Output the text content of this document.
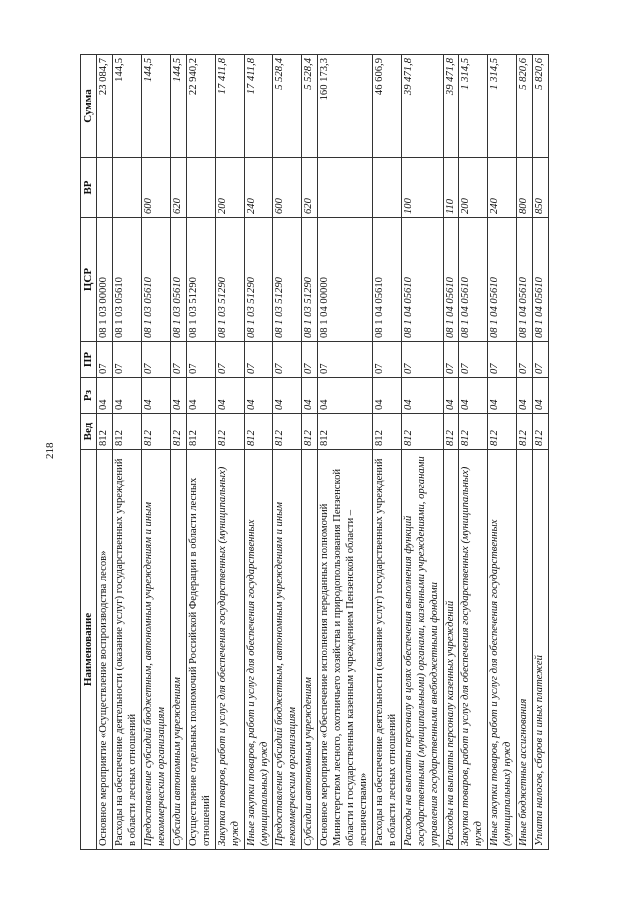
218
Наименование	Вед	Рз	ПР	ЦСР	ВР	Сумма
Основное мероприятие «Осуществление воспроизводства лесов»	812	04	07	08 1 03 00000		23 084,7
Расходы на обеспечение деятельности (оказание услуг) государственных учреждений в области лесных отношений	812	04	07	08 1 03 05610		144,5
Предоставление субсидий бюджетным, автономным учреждениям и иным некоммерческим организациям	812	04	07	08 1 03 05610	600	144,5
Субсидии автономным учреждениям	812	04	07	08 1 03 05610	620	144,5
Осуществление отдельных полномочий Российской Федерации в области лесных отношений	812	04	07	08 1 03 51290		22 940,2
Закупка товаров, работ и услуг для обеспечения государственных (муниципальных) нужд	812	04	07	08 1 03 51290	200	17 411,8
Иные закупки товаров, работ и услуг для обеспечения государственных (муниципальных) нужд	812	04	07	08 1 03 51290	240	17 411,8
Предоставление субсидий бюджетным, автономным учреждениям и иным некоммерческим организациям	812	04	07	08 1 03 51290	600	5 528,4
Субсидии автономным учреждениям	812	04	07	08 1 03 51290	620	5 528,4
Основное мероприятие «Обеспечение исполнения переданных полномочий Министерством лесного, охотничьего хозяйства и природопользования Пензенской области и государственным казенным учреждением Пензенской области – лесничествами»	812	04	07	08 1 04 00000		160 173,3
Расходы на обеспечение деятельности (оказание услуг) государственных учреждений в области лесных отношений	812	04	07	08 1 04 05610		46 606,9
Расходы на выплаты персоналу в целях обеспечения выполнения функций государственными (муниципальными) органами, казенными учреждениями, органами управления государственными внебюджетными фондами	812	04	07	08 1 04 05610	100	39 471,8
Расходы на выплаты персоналу казенных учреждений	812	04	07	08 1 04 05610	110	39 471,8
Закупка товаров, работ и услуг для обеспечения государственных (муниципальных) нужд	812	04	07	08 1 04 05610	200	1 314,5
Иные закупки товаров, работ и услуг для обеспечения государственных (муниципальных) нужд	812	04	07	08 1 04 05610	240	1 314,5
Иные бюджетные ассигнования	812	04	07	08 1 04 05610	800	5 820,6
Уплата налогов, сборов и иных платежей	812	04	07	08 1 04 05610	850	5 820,6
